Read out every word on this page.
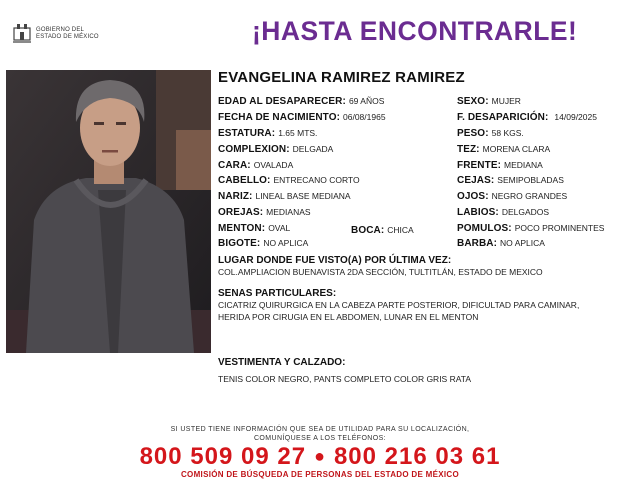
GOBIERNO DEL
ESTADO DE MÉXICO	¡HASTA ENCONTRARLE!
EVANGELINA RAMIREZ RAMIREZ
EDAD AL DESAPARECER: 69 AÑOS
FECHA DE NACIMIENTO: 06/08/1965
ESTATURA: 1.65 MTS.
COMPLEXION: DELGADA
CARA: OVALADA
CABELLO: ENTRECANO CORTO
NARIZ: LINEAL BASE MEDIANA
OREJAS: MEDIANAS
MENTON: OVAL
BIGOTE: NO APLICA
BOCA: CHICA
SEXO: MUJER
F. DESAPARICIÓN: 14/09/2025
PESO: 58 KGS.
TEZ: MORENA CLARA
FRENTE: MEDIANA
CEJAS: SEMIPOBLADAS
OJOS: NEGRO GRANDES
LABIOS: DELGADOS
POMULOS: POCO PROMINENTES
BARBA: NO APLICA
LUGAR DONDE FUE VISTO(A) POR ÚLTIMA VEZ:
COL.AMPLIACION BUENAVISTA 2DA SECCIÓN, TULTITLÁN, ESTADO DE MEXICO
SENAS PARTICULARES:
CICATRIZ QUIRURGICA EN LA CABEZA PARTE POSTERIOR, DIFICULTAD PARA CAMINAR,
HERIDA POR CIRUGIA EN EL ABDOMEN, LUNAR EN EL MENTON
VESTIMENTA Y CALZADO:
TENIS COLOR NEGRO, PANTS COMPLETO COLOR GRIS RATA
SI USTED TIENE INFORMACIÓN QUE SEA DE UTILIDAD PARA SU LOCALIZACIÓN,
COMUNÍQUESE A LOS TELÉFONOS:
800 509 09 27 ● 800 216 03 61
COMISIÓN DE BÚSQUEDA DE PERSONAS DEL ESTADO DE MÉXICO
